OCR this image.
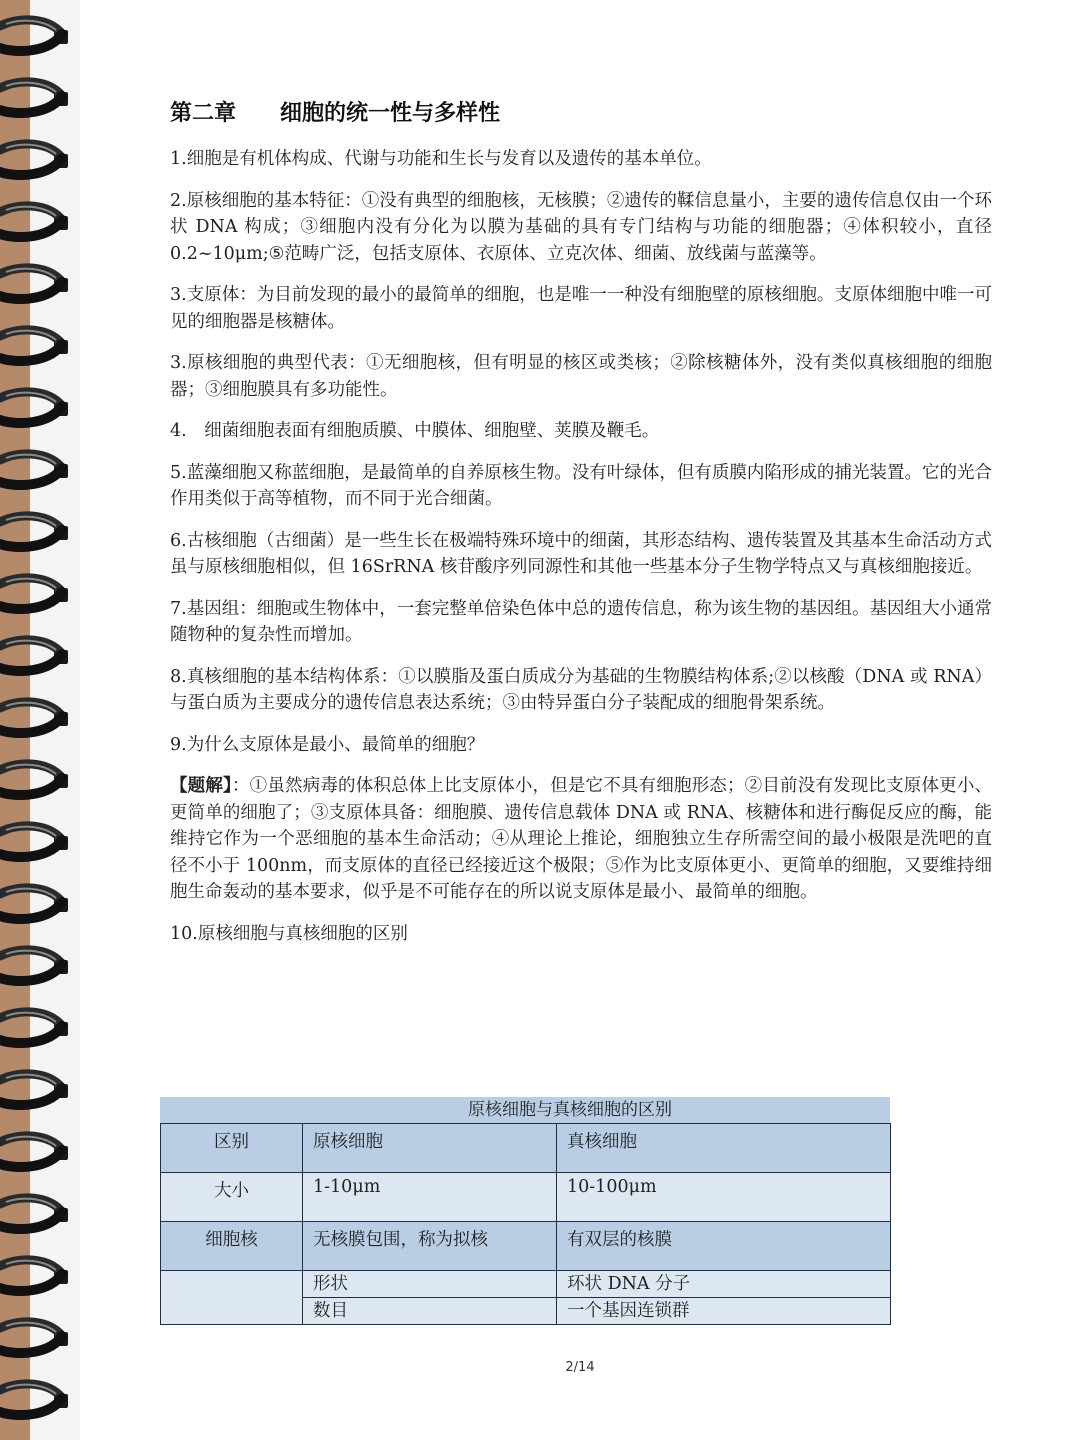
第二章　　细胞的统一性与多样性

1.细胞是有机体构成、代谢与功能和生长与发育以及遗传的基本单位。

2.原核细胞的基本特征：①没有典型的细胞核，无核膜；②遗传的鞣信息量小，主要的遗传信息仅由一个环状 DNA 构成；③细胞内没有分化为以膜为基础的具有专门结构与功能的细胞器；④体积较小，直径 0.2~10μm;⑤范畴广泛，包括支原体、衣原体、立克次体、细菌、放线菌与蓝藻等。

3.支原体：为目前发现的最小的最简单的细胞，也是唯一一种没有细胞壁的原核细胞。支原体细胞中唯一可见的细胞器是核糖体。

3.原核细胞的典型代表：①无细胞核，但有明显的核区或类核；②除核糖体外，没有类似真核细胞的细胞器；③细胞膜具有多功能性。

4.　细菌细胞表面有细胞质膜、中膜体、细胞壁、荚膜及鞭毛。

5.蓝藻细胞又称蓝细胞，是最简单的自养原核生物。没有叶绿体，但有质膜内陷形成的捕光装置。它的光合作用类似于高等植物，而不同于光合细菌。

6.古核细胞（古细菌）是一些生长在极端特殊环境中的细菌，其形态结构、遗传装置及其基本生命活动方式虽与原核细胞相似，但 16SrRNA 核苷酸序列同源性和其他一些基本分子生物学特点又与真核细胞接近。

7.基因组：细胞或生物体中，一套完整单倍染色体中总的遗传信息，称为该生物的基因组。基因组大小通常随物种的复杂性而增加。

8.真核细胞的基本结构体系：①以膜脂及蛋白质成分为基础的生物膜结构体系;②以核酸（DNA 或 RNA）与蛋白质为主要成分的遗传信息表达系统；③由特异蛋白分子装配成的细胞骨架系统。

9.为什么支原体是最小、最简单的细胞？

【题解】：①虽然病毒的体积总体上比支原体小，但是它不具有细胞形态；②目前没有发现比支原体更小、更简单的细胞了；③支原体具备：细胞膜、遗传信息载体 DNA 或 RNA、核糖体和进行酶促反应的酶，能维持它作为一个恶细胞的基本生命活动；④从理论上推论，细胞独立生存所需空间的最小极限是洗吧的直径不小于 100nm，而支原体的直径已经接近这个极限；⑤作为比支原体更小、更简单的细胞，又要维持细胞生命轰动的基本要求，似乎是不可能存在的所以说支原体是最小、最简单的细胞。

10.原核细胞与真核细胞的区别

原核细胞与真核细胞的区别
区别	原核细胞	真核细胞
大小	1-10μm	10-100μm
细胞核	无核膜包围，称为拟核	有双层的核膜
	形状	环状 DNA 分子
	数目	一个基因连锁群
2/14
